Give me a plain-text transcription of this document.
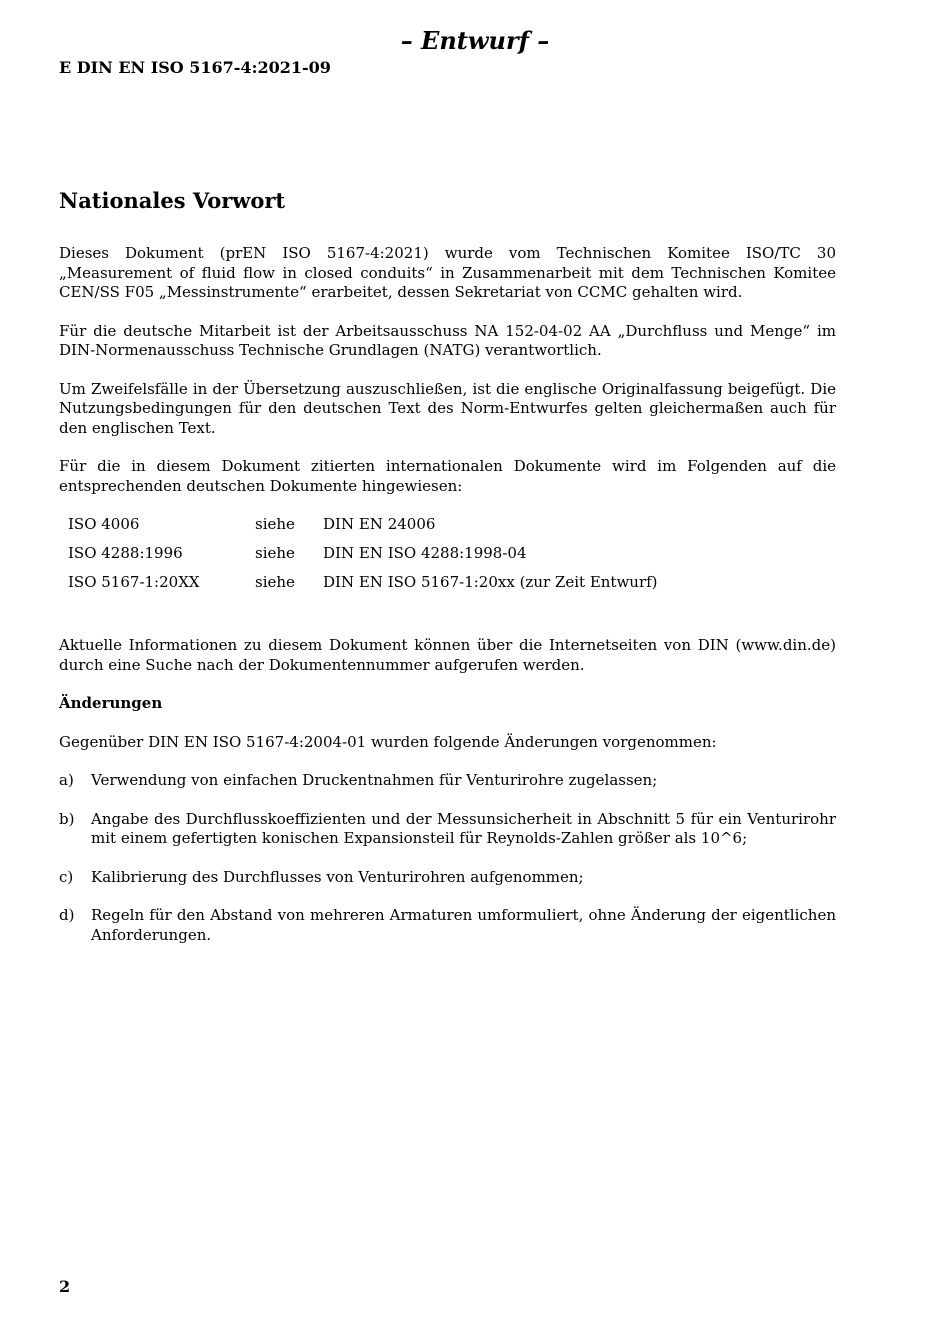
– Entwurf –
E DIN EN ISO 5167-4:2021-09
Nationales Vorwort

Dieses Dokument (prEN ISO 5167-4:2021) wurde vom Technischen Komitee ISO/TC 30 „Measurement of fluid flow in closed conduits“ in Zusammenarbeit mit dem Technischen Komitee CEN/SS F05 „Messinstrumente“ erarbeitet, dessen Sekretariat von CCMC gehalten wird.

Für die deutsche Mitarbeit ist der Arbeitsausschuss NA 152-04-02 AA „Durchfluss und Menge“ im DIN-Normenausschuss Technische Grundlagen (NATG) verantwortlich.

Um Zweifelsfälle in der Übersetzung auszuschließen, ist die englische Originalfassung beigefügt. Die Nutzungsbedingungen für den deutschen Text des Norm-Entwurfes gelten gleichermaßen auch für den englischen Text.

Für die in diesem Dokument zitierten internationalen Dokumente wird im Folgenden auf die entsprechenden deutschen Dokumente hingewiesen:

ISO 4006	siehe	DIN EN 24006
ISO 4288:1996	siehe	DIN EN ISO 4288:1998-04
ISO 5167-1:20XX	siehe	DIN EN ISO 5167-1:20xx (zur Zeit Entwurf)

Aktuelle Informationen zu diesem Dokument können über die Internetseiten von DIN (www.din.de) durch eine Suche nach der Dokumentennummer aufgerufen werden.

Änderungen

Gegenüber DIN EN ISO 5167-4:2004-01 wurden folgende Änderungen vorgenommen:

a)	Verwendung von einfachen Druckentnahmen für Venturirohre zugelassen;
b)	Angabe des Durchflusskoeffizienten und der Messunsicherheit in Abschnitt 5 für ein Venturirohr mit einem gefertigten konischen Expansionsteil für Reynolds-Zahlen größer als 10^6;
c)	Kalibrierung des Durchflusses von Venturirohren aufgenommen;
d)	Regeln für den Abstand von mehreren Armaturen umformuliert, ohne Änderung der eigentlichen Anforderungen.
2
